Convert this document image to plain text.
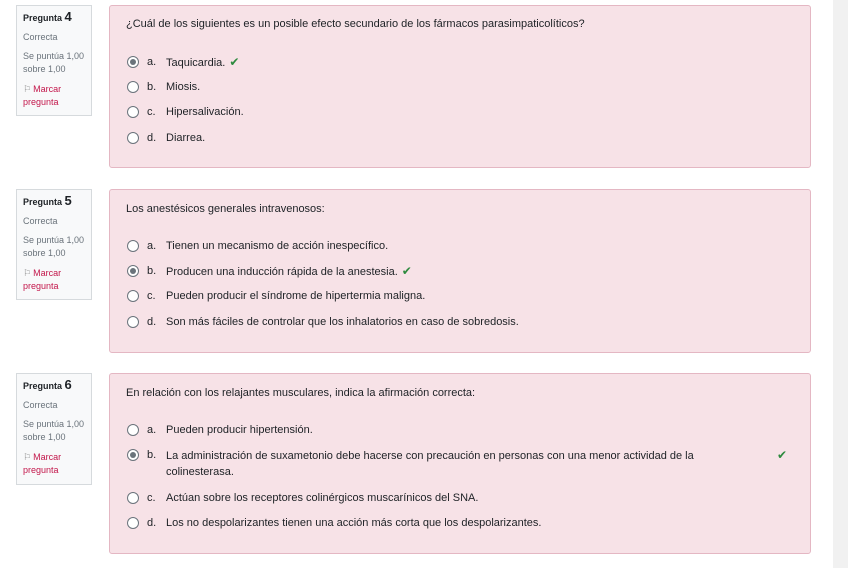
Pregunta 4
Correcta
Se puntúa 1,00 sobre 1,00
⚐ Marcar pregunta
¿Cuál de los siguientes es un posible efecto secundario de los fármacos parasimpaticolíticos?
a. Taquicardia. ✔
b. Miosis.
c. Hipersalivación.
d. Diarrea.
Pregunta 5
Correcta
Se puntúa 1,00 sobre 1,00
⚐ Marcar pregunta
Los anestésicos generales intravenosos:
a. Tienen un mecanismo de acción inespecífico.
b. Producen una inducción rápida de la anestesia. ✔
c. Pueden producir el síndrome de hipertermia maligna.
d. Son más fáciles de controlar que los inhalatorios en caso de sobredosis.
Pregunta 6
Correcta
Se puntúa 1,00 sobre 1,00
⚐ Marcar pregunta
En relación con los relajantes musculares, indica la afirmación correcta:
a. Pueden producir hipertensión.
b. La administración de suxametonio debe hacerse con precaución en personas con una menor actividad de la colinesterasa.
✔
c. Actúan sobre los receptores colinérgicos muscarínicos del SNA.
d. Los no despolarizantes tienen una acción más corta que los despolarizantes.
